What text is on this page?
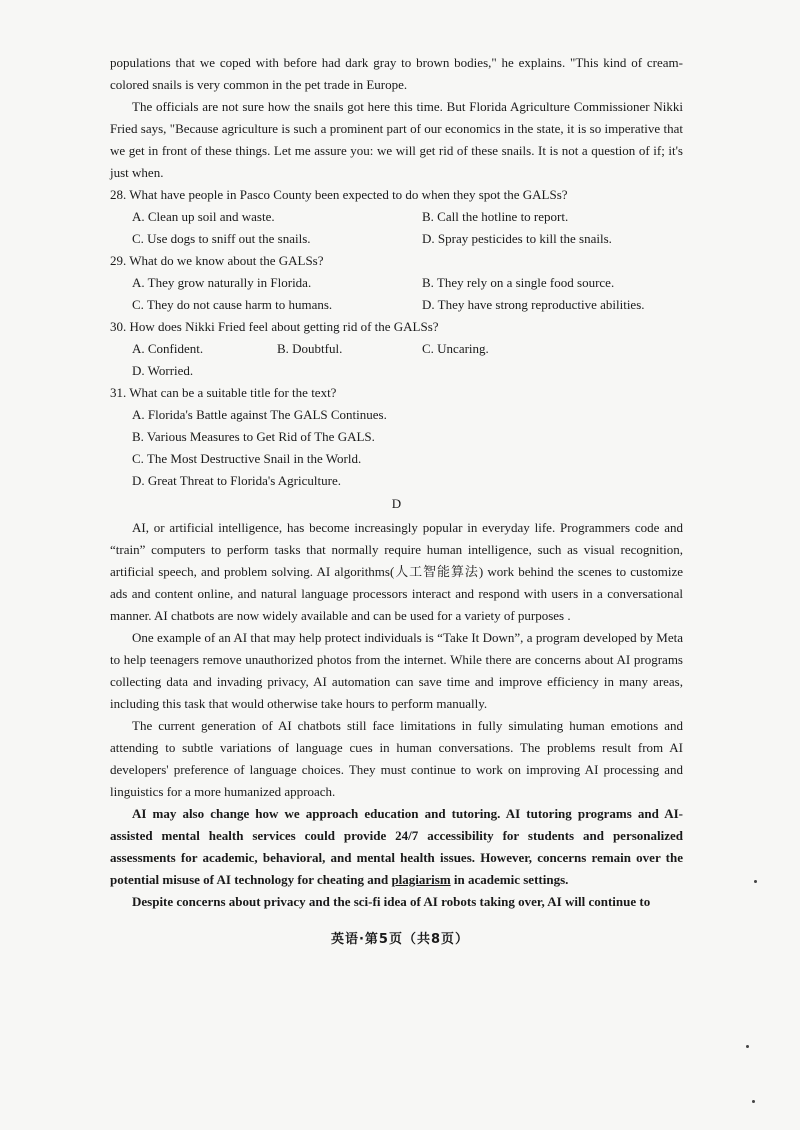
populations that we coped with before had dark gray to brown bodies," he explains. "This kind of cream-colored snails is very common in the pet trade in Europe.

The officials are not sure how the snails got here this time. But Florida Agriculture Commissioner Nikki Fried says, "Because agriculture is such a prominent part of our economics in the state, it is so imperative that we get in front of these things. Let me assure you: we will get rid of these snails. It is not a question of if; it's just when.

28. What have people in Pasco County been expected to do when they spot the GALSs?
A. Clean up soil and waste.	B. Call the hotline to report.
C. Use dogs to sniff out the snails.	D. Spray pesticides to kill the snails.
29. What do we know about the GALSs?
A. They grow naturally in Florida.	B. They rely on a single food source.
C. They do not cause harm to humans.	D. They have strong reproductive abilities.
30. How does Nikki Fried feel about getting rid of the GALSs?
A. Confident.	B. Doubtful.	C. Uncaring.
D. Worried.
31. What can be a suitable title for the text?
A. Florida's Battle against The GALS Continues.
B. Various Measures to Get Rid of The GALS.
C. The Most Destructive Snail in the World.
D. Great Threat to Florida's Agriculture.
D

AI, or artificial intelligence, has become increasingly popular in everyday life. Programmers code and “train” computers to perform tasks that normally require human intelligence, such as visual recognition, artificial speech, and problem solving. AI algorithms(人工智能算法) work behind the scenes to customize ads and content online, and natural language processors interact and respond with users in a conversational manner. AI chatbots are now widely available and can be used for a variety of purposes .

One example of an AI that may help protect individuals is “Take It Down”, a program developed by Meta to help teenagers remove unauthorized photos from the internet. While there are concerns about AI programs collecting data and invading privacy, AI automation can save time and improve efficiency in many areas, including this task that would otherwise take hours to perform manually.

The current generation of AI chatbots still face limitations in fully simulating human emotions and attending to subtle variations of language cues in human conversations. The problems result from AI developers' preference of language choices. They must continue to work on improving AI processing and linguistics for a more humanized approach.

AI may also change how we approach education and tutoring. AI tutoring programs and AI-assisted mental health services could provide 24/7 accessibility for students and personalized assessments for academic, behavioral, and mental health issues. However, concerns remain over the potential misuse of AI technology for cheating and plagiarism in academic settings.

Despite concerns about privacy and the sci-fi idea of AI robots taking over, AI will continue to

英语·第5页（共8页）
